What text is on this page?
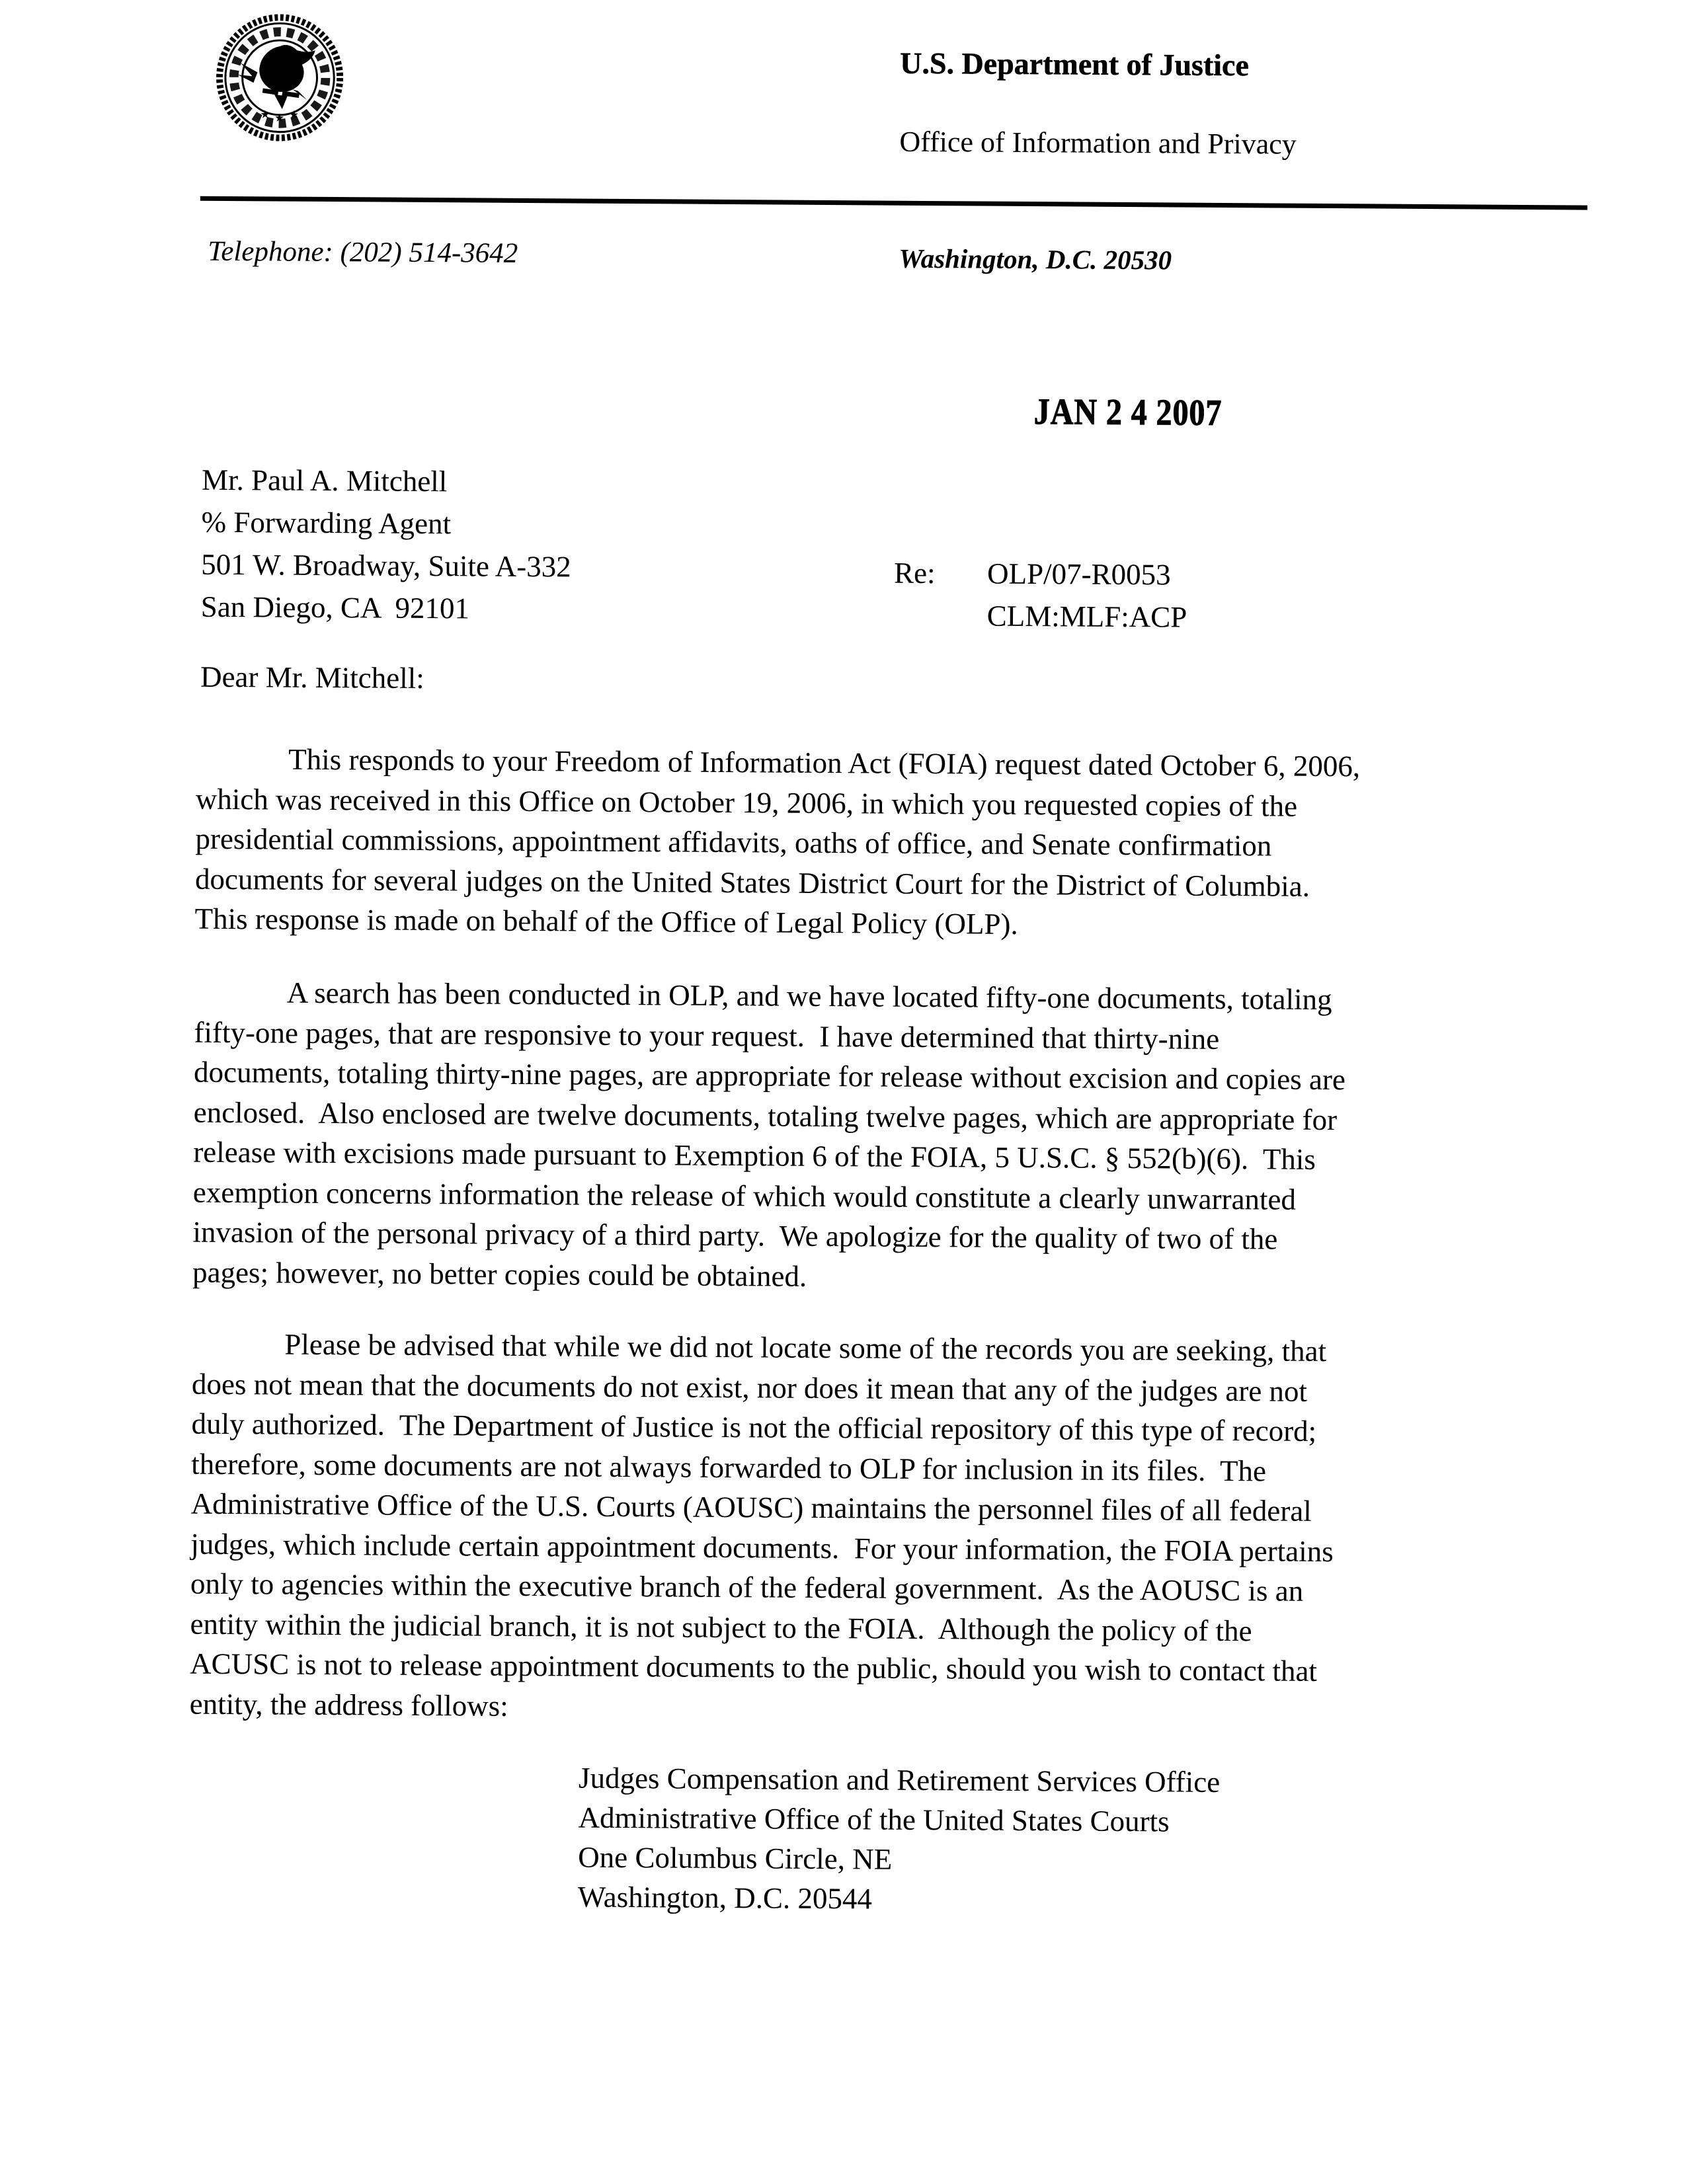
★ ★ ★
U.S. Department of Justice
Office of Information and Privacy
Telephone: (202) 514-3642	Washington, D.C. 20530
JAN 2 4 2007
Mr. Paul A. Mitchell
% Forwarding Agent
501 W. Broadway, Suite A-332
San Diego, CA  92101
Re: OLP/07-R0053
CLM:MLF:ACP
Dear Mr. Mitchell:
This responds to your Freedom of Information Act (FOIA) request dated October 6, 2006,
which was received in this Office on October 19, 2006, in which you requested copies of the
presidential commissions, appointment affidavits, oaths of office, and Senate confirmation
documents for several judges on the United States District Court for the District of Columbia.
This response is made on behalf of the Office of Legal Policy (OLP).
A search has been conducted in OLP, and we have located fifty-one documents, totaling
fifty-one pages, that are responsive to your request.  I have determined that thirty-nine
documents, totaling thirty-nine pages, are appropriate for release without excision and copies are
enclosed.  Also enclosed are twelve documents, totaling twelve pages, which are appropriate for
release with excisions made pursuant to Exemption 6 of the FOIA, 5 U.S.C. § 552(b)(6).  This
exemption concerns information the release of which would constitute a clearly unwarranted
invasion of the personal privacy of a third party.  We apologize for the quality of two of the
pages; however, no better copies could be obtained.
Please be advised that while we did not locate some of the records you are seeking, that
does not mean that the documents do not exist, nor does it mean that any of the judges are not
duly authorized.  The Department of Justice is not the official repository of this type of record;
therefore, some documents are not always forwarded to OLP for inclusion in its files.  The
Administrative Office of the U.S. Courts (AOUSC) maintains the personnel files of all federal
judges, which include certain appointment documents.  For your information, the FOIA pertains
only to agencies within the executive branch of the federal government.  As the AOUSC is an
entity within the judicial branch, it is not subject to the FOIA.  Although the policy of the
ACUSC is not to release appointment documents to the public, should you wish to contact that
entity, the address follows:
Judges Compensation and Retirement Services Office
Administrative Office of the United States Courts
One Columbus Circle, NE
Washington, D.C. 20544
